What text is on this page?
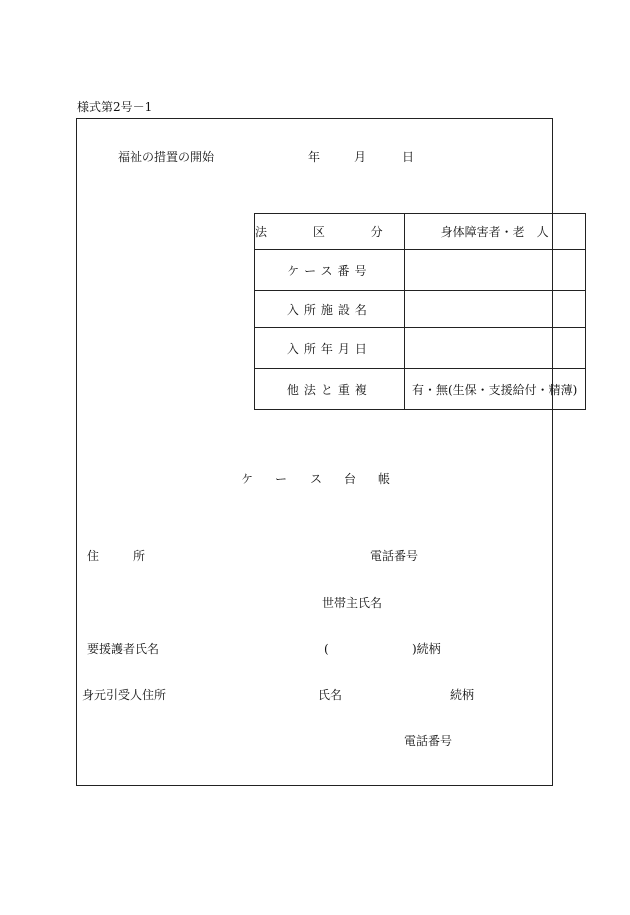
様式第2号－1
福祉の措置の開始	年	月	日
法 区 分	身体障害者・老　人
ケース番号	
入所施設名	
入所年月日	
他法と重複	有・無(生保・支援給付・精薄)
ケ ー ス 台 帳
住	所	電話番号
世帯主氏名
要援護者氏名	(	)続柄
身元引受人住所	氏名	続柄
電話番号
